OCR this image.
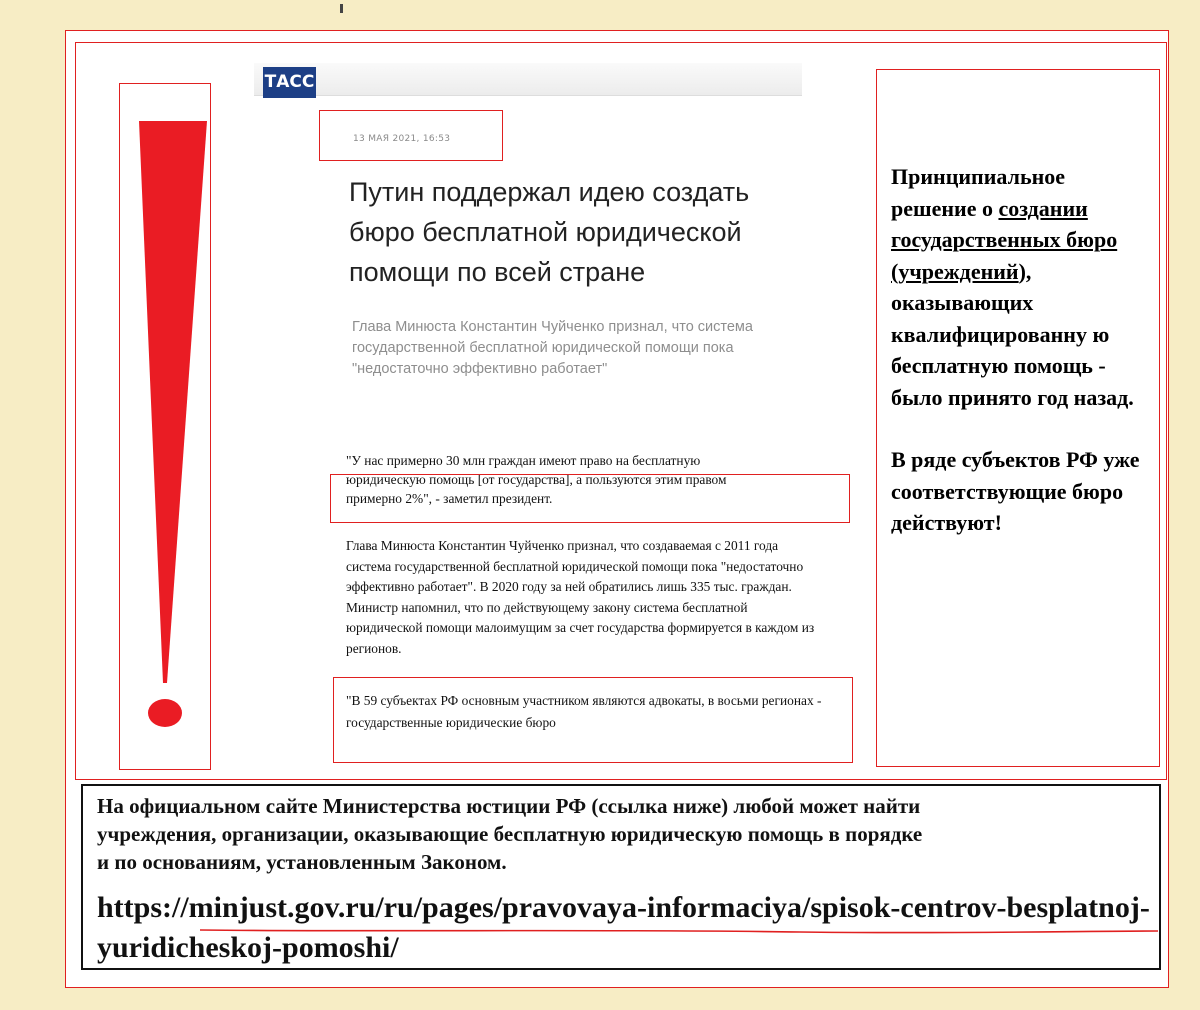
ТАСС
13 МАЯ 2021, 16:53
Путин поддержал идею создать бюро бесплатной юридической помощи по всей стране
Глава Минюста Константин Чуйченко признал, что система государственной бесплатной юридической помощи пока "недостаточно эффективно работает"
"У нас примерно 30 млн граждан имеют право на бесплатную юридическую помощь [от государства], а пользуются этим правом примерно 2%", - заметил президент.
Глава Минюста Константин Чуйченко признал, что создаваемая с 2011 года система государственной бесплатной юридической помощи пока "недостаточно эффективно работает". В 2020 году за ней обратились лишь 335 тыс. граждан. Министр напомнил, что по действующему закону система бесплатной юридической помощи малоимущим за счет государства формируется в каждом из регионов.
"В 59 субъектах РФ основным участником являются адвокаты, в восьми регионах - государственные юридические бюро
Принципиальное решение о создании государственных бюро (учреждений), оказывающих квалифицированну ю бесплатную помощь - было принято год назад.
В ряде субъектов РФ уже соответствующие бюро действуют!
На официальном сайте Министерства юстиции РФ (ссылка ниже) любой может найти
учреждения, организации, оказывающие бесплатную юридическую помощь в порядке
и по основаниям, установленным Законом.
https://minjust.gov.ru/ru/pages/pravovaya-informaciya/spisok-centrov-besplatnoj-yuridicheskoj-pomoshi/
